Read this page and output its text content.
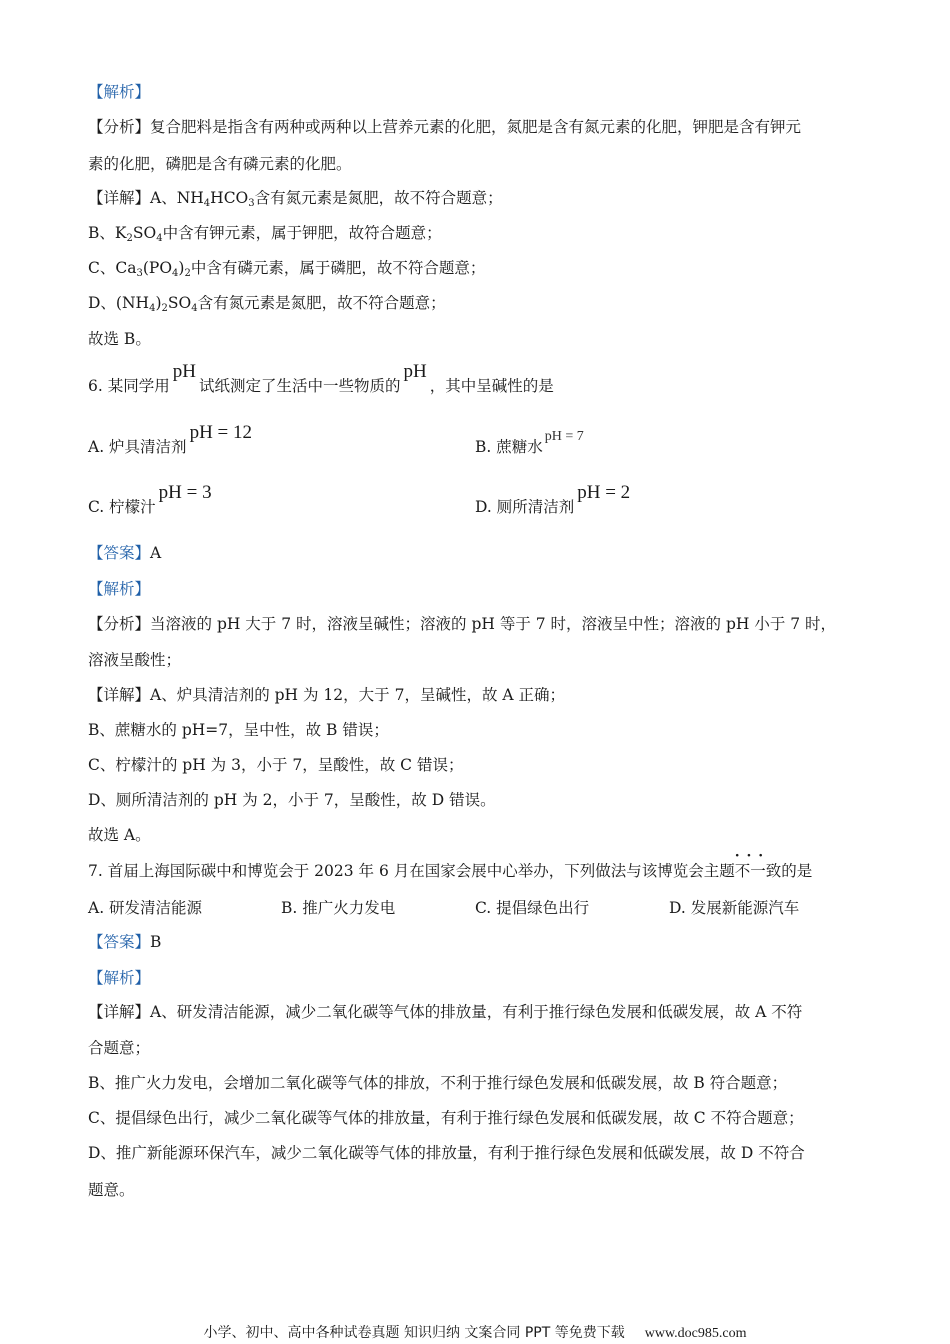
【解析】
【分析】复合肥料是指含有两种或两种以上营养元素的化肥，氮肥是含有氮元素的化肥，钾肥是含有钾元
素的化肥，磷肥是含有磷元素的化肥。
【详解】A、$NH_4HCO_3$含有氮元素是氮肥，故不符合题意；
B、$K_2SO_4$中含有钾元素，属于钾肥，故符合题意；
C、$Ca_3(PO_4)_2$中含有磷元素，属于磷肥，故不符合题意；
D、$(NH_4)_2SO_4$含有氮元素是氮肥，故不符合题意；
故选 B。
6. 某同学用pH试纸测定了生活中一些物质的pH，其中呈碱性的是
A. 炉具清洁剂pH = 12
B. 蔗糖水pH = 7
C. 柠檬汁pH = 3
D. 厕所清洁剂pH = 2
【答案】A
【解析】
【分析】当溶液的 pH 大于 7 时，溶液呈碱性；溶液的 pH 等于 7 时，溶液呈中性；溶液的 pH 小于 7 时，
溶液呈酸性；
【详解】A、炉具清洁剂的 pH 为 12，大于 7，呈碱性，故 A 正确；
B、蔗糖水的 pH=7，呈中性，故 B 错误；
C、柠檬汁的 pH 为 3，小于 7，呈酸性，故 C 错误；
D、厕所清洁剂的 pH 为 2，小于 7，呈酸性，故 D 错误。
故选 A。
7. 首届上海国际碳中和博览会于 2023 年 6 月在国家会展中心举办，下列做法与该博览会主题· · · 不一致的是
A. 研发清洁能源	B. 推广火力发电	C. 提倡绿色出行	D. 发展新能源汽车
【答案】B
【解析】
【详解】A、研发清洁能源，减少二氧化碳等气体的排放量，有利于推行绿色发展和低碳发展，故 A 不符
合题意；
B、推广火力发电，会增加二氧化碳等气体的排放，不利于推行绿色发展和低碳发展，故 B 符合题意；
C、提倡绿色出行，减少二氧化碳等气体的排放量，有利于推行绿色发展和低碳发展，故 C 不符合题意；
D、推广新能源环保汽车，减少二氧化碳等气体的排放量，有利于推行绿色发展和低碳发展，故 D 不符合
题意。
小学、初中、高中各种试卷真题 知识归纳 文案合同 PPT 等免费下载 www.doc985.com
